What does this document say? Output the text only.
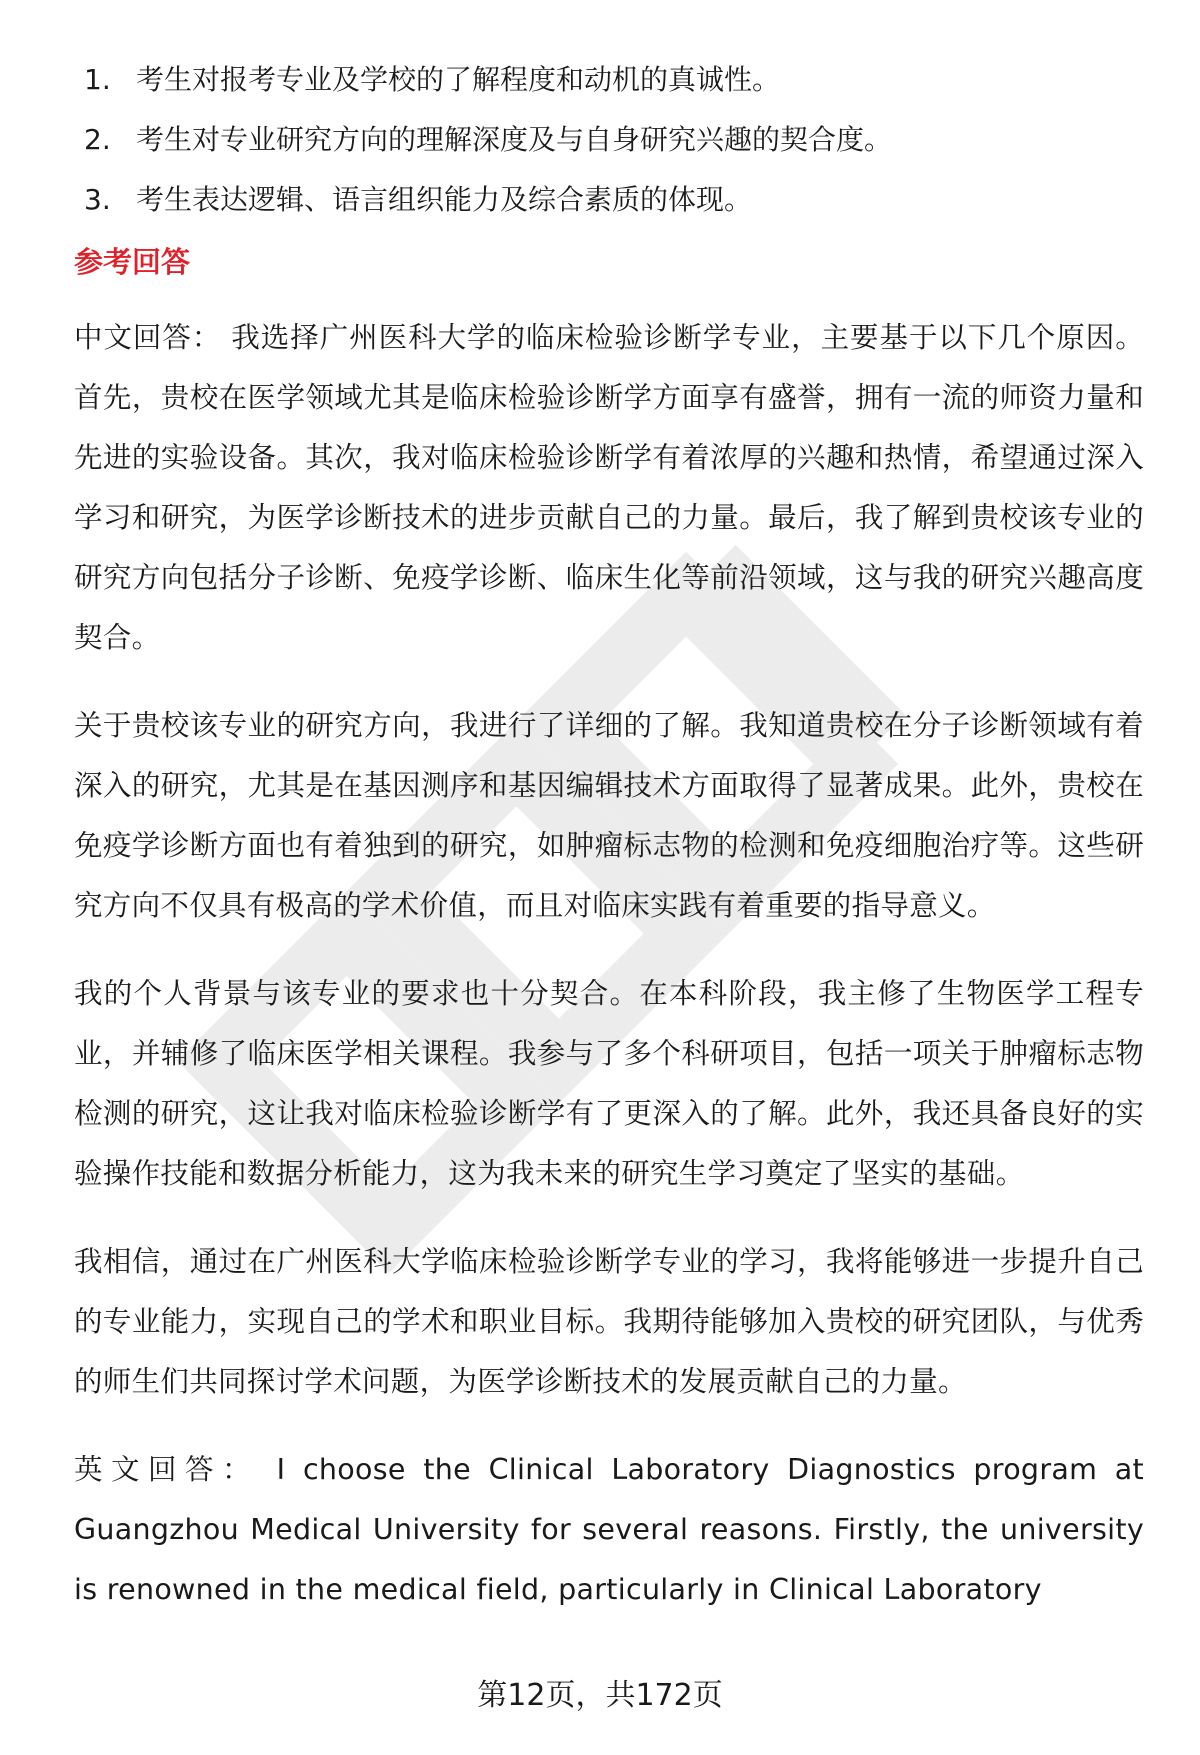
1. 考生对报考专业及学校的了解程度和动机的真诚性。
2. 考生对专业研究方向的理解深度及与自身研究兴趣的契合度。
3. 考生表达逻辑、语言组织能力及综合素质的体现。
参考回答

中文回答： 我选择广州医科大学的临床检验诊断学专业，主要基于以下几个原因。首先，贵校在医学领域尤其是临床检验诊断学方面享有盛誉，拥有一流的师资力量和先进的实验设备。其次，我对临床检验诊断学有着浓厚的兴趣和热情，希望通过深入学习和研究，为医学诊断技术的进步贡献自己的力量。最后，我了解到贵校该专业的研究方向包括分子诊断、免疫学诊断、临床生化等前沿领域，这与我的研究兴趣高度契合。

关于贵校该专业的研究方向，我进行了详细的了解。我知道贵校在分子诊断领域有着深入的研究，尤其是在基因测序和基因编辑技术方面取得了显著成果。此外，贵校在免疫学诊断方面也有着独到的研究，如肿瘤标志物的检测和免疫细胞治疗等。这些研究方向不仅具有极高的学术价值，而且对临床实践有着重要的指导意义。

我的个人背景与该专业的要求也十分契合。在本科阶段，我主修了生物医学工程专业，并辅修了临床医学相关课程。我参与了多个科研项目，包括一项关于肿瘤标志物检测的研究，这让我对临床检验诊断学有了更深入的了解。此外，我还具备良好的实验操作技能和数据分析能力，这为我未来的研究生学习奠定了坚实的基础。

我相信，通过在广州医科大学临床检验诊断学专业的学习，我将能够进一步提升自己的专业能力，实现自己的学术和职业目标。我期待能够加入贵校的研究团队，与优秀的师生们共同探讨学术问题，为医学诊断技术的发展贡献自己的力量。

英文回答： I choose the Clinical Laboratory Diagnostics program at Guangzhou Medical University for several reasons. Firstly, the university is renowned in the medical field, particularly in Clinical Laboratory

第12页，共172页
